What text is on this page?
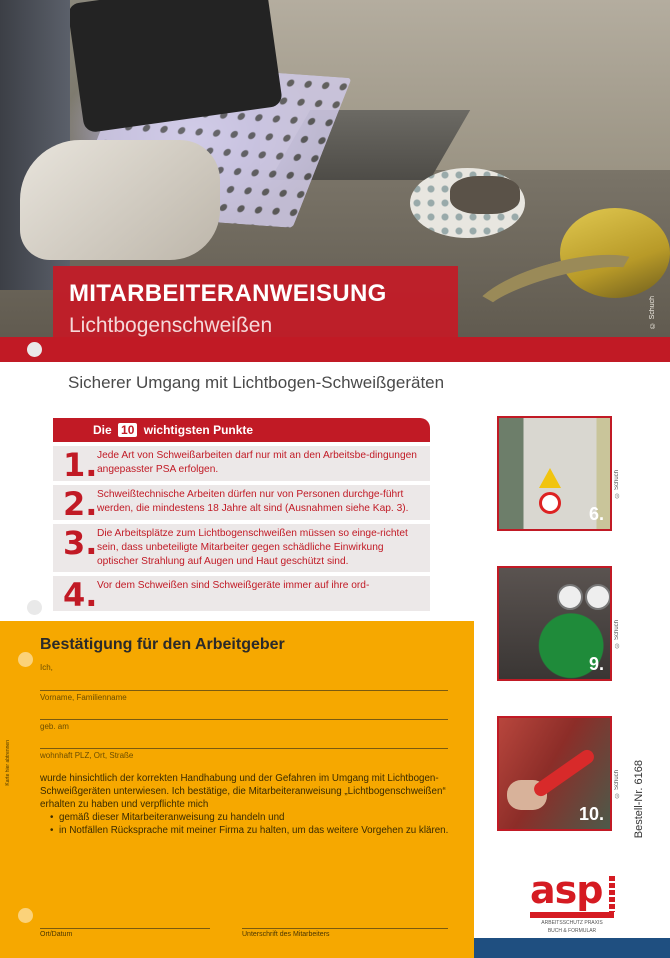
© Schuch
MITARBEITERANWEISUNG
Lichtbogenschweißen
Sicherer Umgang mit Lichtbogen-Schweißgeräten
Die 10 wichtigsten Punkte
1. Jede Art von Schweißarbeiten darf nur mit an den Arbeitsbe-dingungen angepasster PSA erfolgen.
2. Schweißtechnische Arbeiten dürfen nur von Personen durchge-führt werden, die mindestens 18 Jahre alt sind (Ausnahmen siehe Kap. 3).
3. Die Arbeitsplätze zum Lichtbogenschweißen müssen so einge-richtet sein, dass unbeteiligte Mitarbeiter gegen schädliche Einwirkung optischer Strahlung auf Augen und Haut geschützt sind.
4. Vor dem Schweißen sind Schweißgeräte immer auf ihre ord-
6.
9.
10.
© Schuch
© Schuch
© Schuch Bestell-Nr. 6168
asp
ARBEITSSCHUTZ PRAXIS
BUCH & FORMULAR
Bestätigung für den Arbeitgeber
Ich,
Vorname, Familienname
geb. am
wohnhaft PLZ, Ort, Straße
wurde hinsichtlich der korrekten Handhabung und der Gefahren im Umgang mit Lichtbogen-Schweißgeräten unterwiesen. Ich bestätige, die Mitarbeiteranweisung „Lichtbogenschweißen“ erhalten zu haben und verpflichte mich
• gemäß dieser Mitarbeiteranweisung zu handeln und
• in Notfällen Rücksprache mit meiner Firma zu halten, um das weitere Vorgehen zu klären.
Karte hier abtrennen
Ort/Datum	Unterschrift des Mitarbeiters
